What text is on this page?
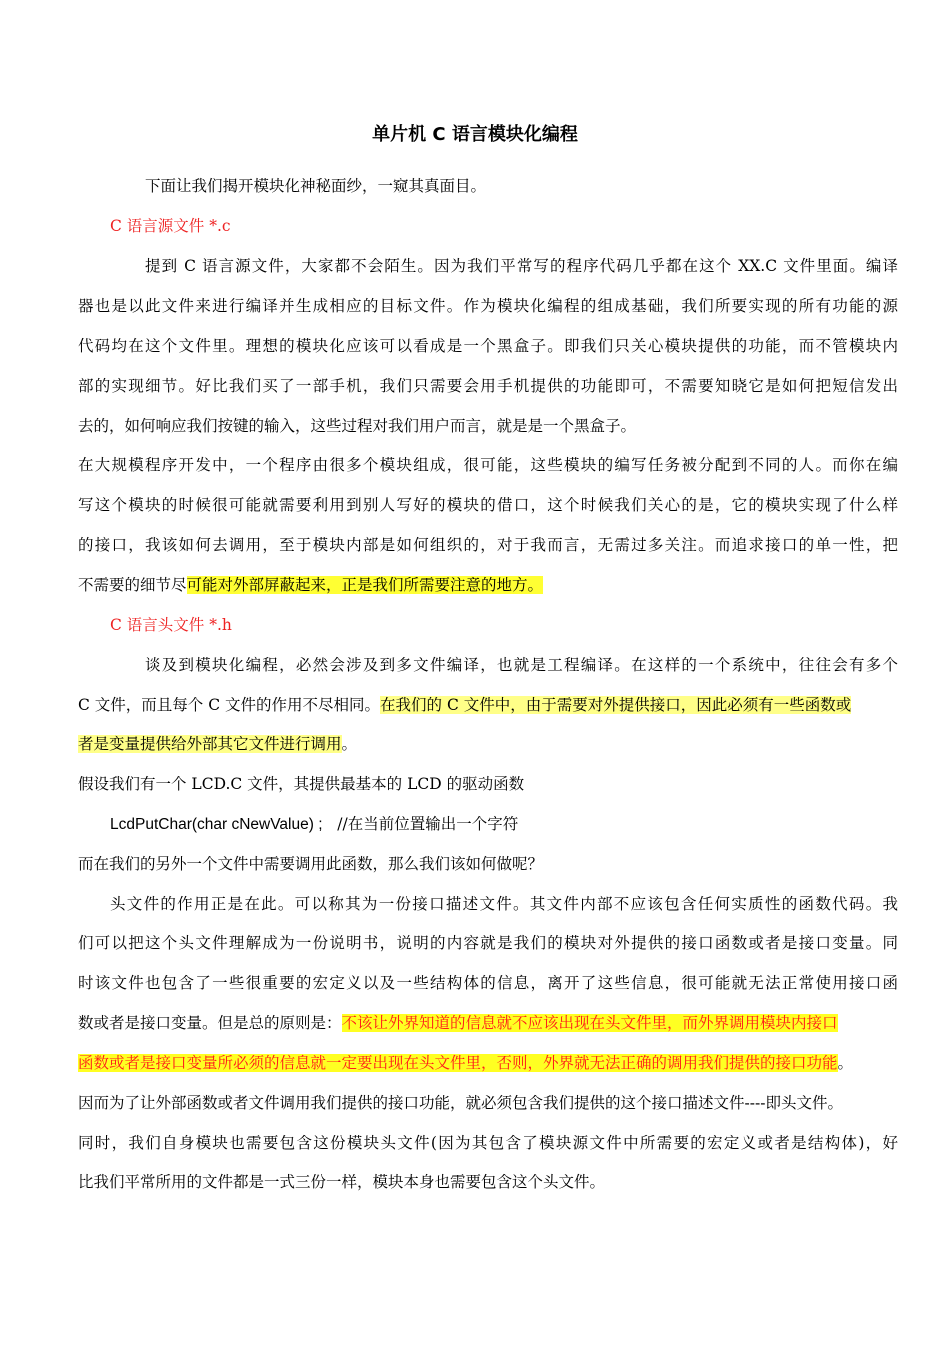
单片机 C 语言模块化编程
下面让我们揭开模块化神秘面纱，一窥其真面目。
C 语言源文件 *.c
提到 C 语言源文件，大家都不会陌生。因为我们平常写的程序代码几乎都在这个 XX.C 文件里面。编译
器也是以此文件来进行编译并生成相应的目标文件。作为模块化编程的组成基础，我们所要实现的所有功能的源
代码均在这个文件里。理想的模块化应该可以看成是一个黑盒子。即我们只关心模块提供的功能，而不管模块内
部的实现细节。好比我们买了一部手机，我们只需要会用手机提供的功能即可，不需要知晓它是如何把短信发出
去的，如何响应我们按键的输入，这些过程对我们用户而言，就是是一个黑盒子。
在大规模程序开发中，一个程序由很多个模块组成，很可能，这些模块的编写任务被分配到不同的人。而你在编
写这个模块的时候很可能就需要利用到别人写好的模块的借口，这个时候我们关心的是，它的模块实现了什么样
的接口，我该如何去调用，至于模块内部是如何组织的，对于我而言，无需过多关注。而追求接口的单一性，把
不需要的细节尽可能对外部屏蔽起来，正是我们所需要注意的地方。
C 语言头文件 *.h
谈及到模块化编程，必然会涉及到多文件编译，也就是工程编译。在这样的一个系统中，往往会有多个
C 文件，而且每个 C 文件的作用不尽相同。在我们的 C 文件中，由于需要对外提供接口，因此必须有一些函数或
者是变量提供给外部其它文件进行调用。
假设我们有一个 LCD.C 文件，其提供最基本的 LCD 的驱动函数
LcdPutChar(char cNewValue) ; //在当前位置输出一个字符
而在我们的另外一个文件中需要调用此函数，那么我们该如何做呢？
头文件的作用正是在此。可以称其为一份接口描述文件。其文件内部不应该包含任何实质性的函数代码。我
们可以把这个头文件理解成为一份说明书，说明的内容就是我们的模块对外提供的接口函数或者是接口变量。同
时该文件也包含了一些很重要的宏定义以及一些结构体的信息，离开了这些信息，很可能就无法正常使用接口函
数或者是接口变量。但是总的原则是：不该让外界知道的信息就不应该出现在头文件里，而外界调用模块内接口
函数或者是接口变量所必须的信息就一定要出现在头文件里，否则，外界就无法正确的调用我们提供的接口功能。
因而为了让外部函数或者文件调用我们提供的接口功能，就必须包含我们提供的这个接口描述文件----即头文件。
同时，我们自身模块也需要包含这份模块头文件(因为其包含了模块源文件中所需要的宏定义或者是结构体)，好
比我们平常所用的文件都是一式三份一样，模块本身也需要包含这个头文件。
